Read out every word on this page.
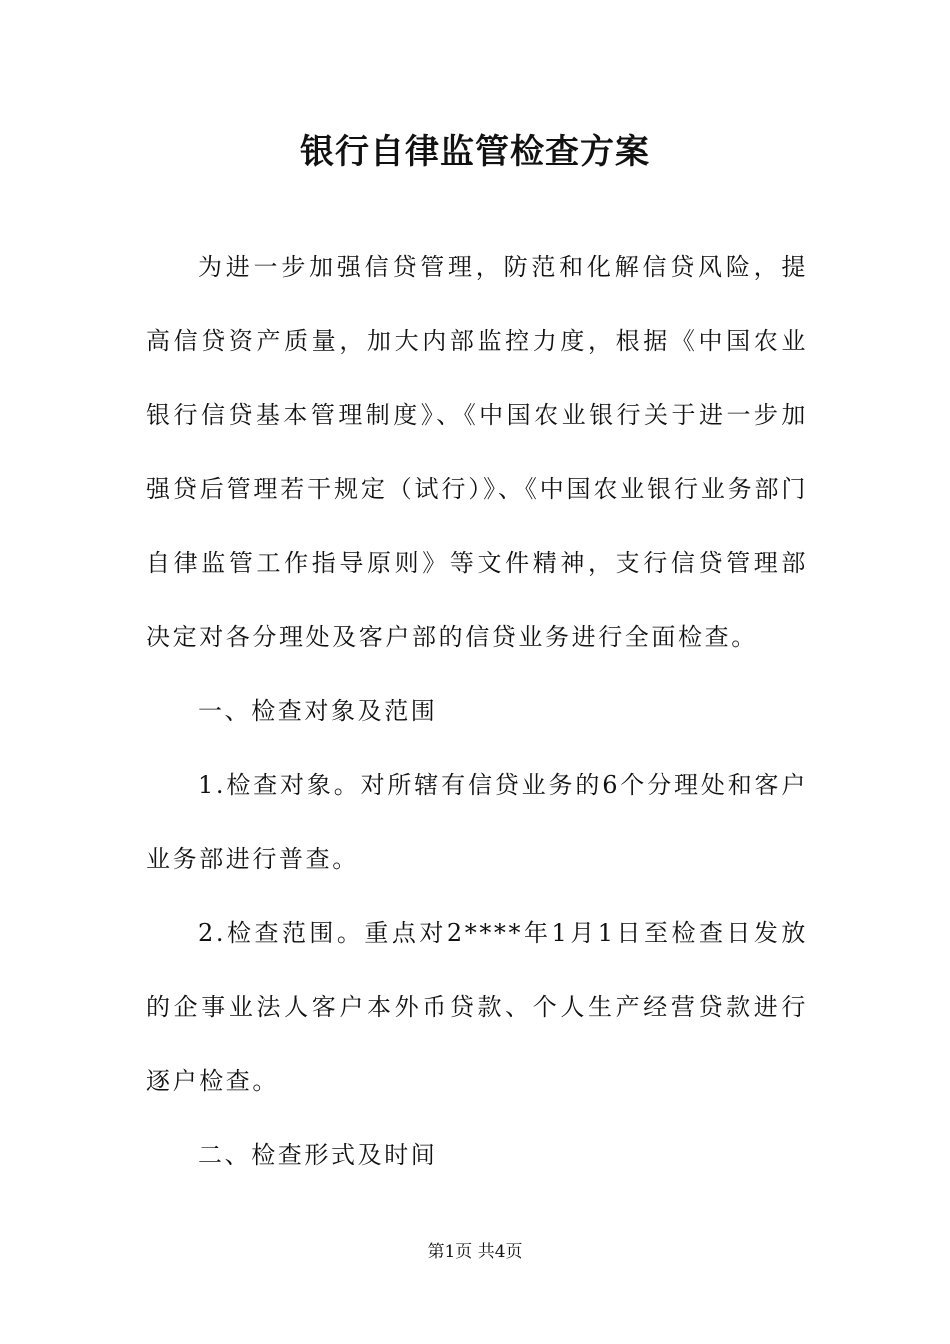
银行自律监管检查方案

为进一步加强信贷管理，防范和化解信贷风险，提高信贷资产质量，加大内部监控力度，根据《中国农业银行信贷基本管理制度》、《中国农业银行关于进一步加强贷后管理若干规定（试行）》、《中国农业银行业务部门自律监管工作指导原则》等文件精神，支行信贷管理部决定对各分理处及客户部的信贷业务进行全面检查。

一、检查对象及范围

1.检查对象。对所辖有信贷业务的6个分理处和客户业务部进行普查。

2.检查范围。重点对2****年1月1日至检查日发放的企事业法人客户本外币贷款、个人生产经营贷款进行逐户检查。

二、检查形式及时间

第1页 共4页
